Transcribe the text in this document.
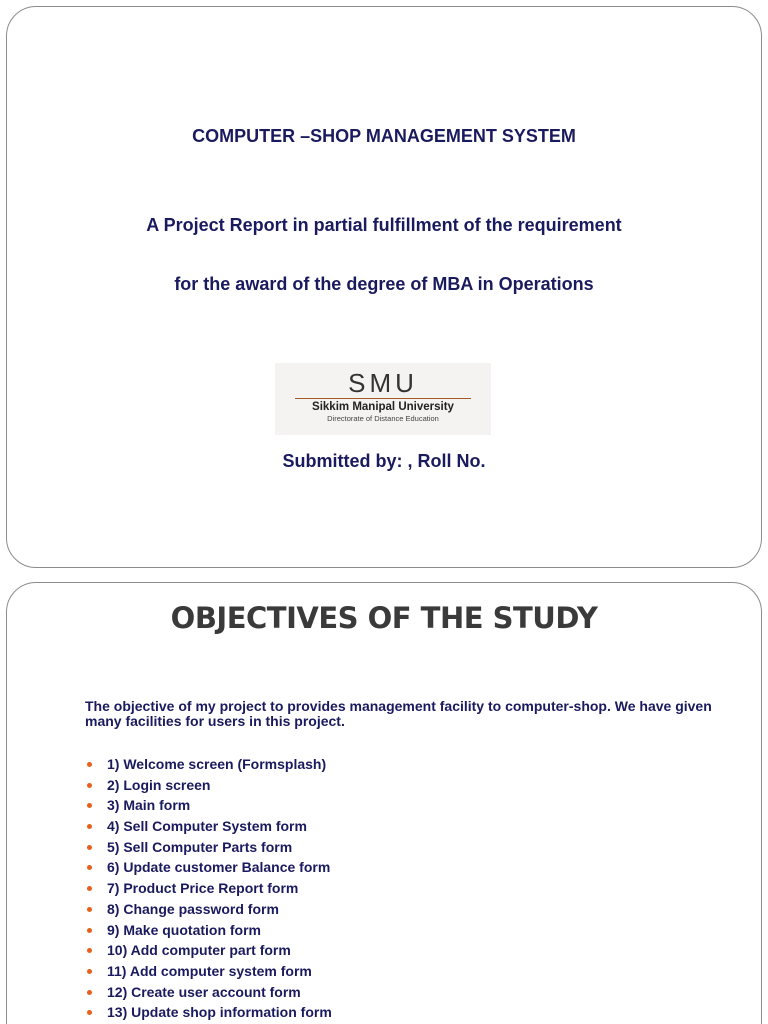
COMPUTER –SHOP MANAGEMENT SYSTEM

A Project Report in partial fulfillment of the requirement

for the award of the degree of MBA in Operations

SMU
Sikkim Manipal University
Directorate of Distance Education

Submitted by: , Roll No.

OBJECTIVES OF THE STUDY

The objective of my project to provides management facility to computer-shop. We have given many facilities for users in this project.

1) Welcome screen (Formsplash)
2) Login screen
3) Main form
4) Sell Computer System form
5) Sell Computer Parts form
6) Update customer Balance form
7) Product Price Report form
8) Change password form
9) Make quotation form
10) Add computer part form
11) Add computer system form
12) Create user account form
13) Update shop information form
